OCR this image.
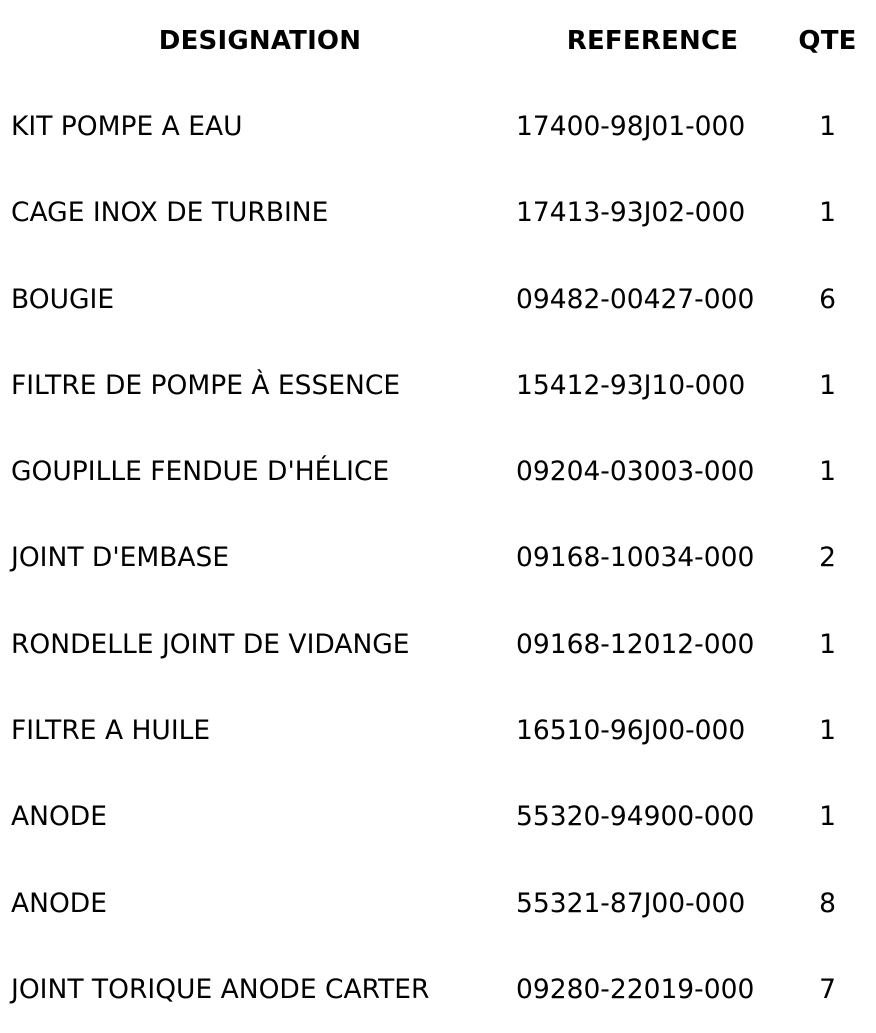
DESIGNATION	REFERENCE	QTE
KIT POMPE A EAU	17400-98J01-000	1
CAGE INOX DE TURBINE	17413-93J02-000	1
BOUGIE	09482-00427-000	6
FILTRE DE POMPE À ESSENCE	15412-93J10-000	1
GOUPILLE FENDUE D'HÉLICE	09204-03003-000	1
JOINT D'EMBASE	09168-10034-000	2
RONDELLE JOINT DE VIDANGE	09168-12012-000	1
FILTRE A HUILE	16510-96J00-000	1
ANODE	55320-94900-000	1
ANODE	55321-87J00-000	8
JOINT TORIQUE ANODE CARTER	09280-22019-000	7
